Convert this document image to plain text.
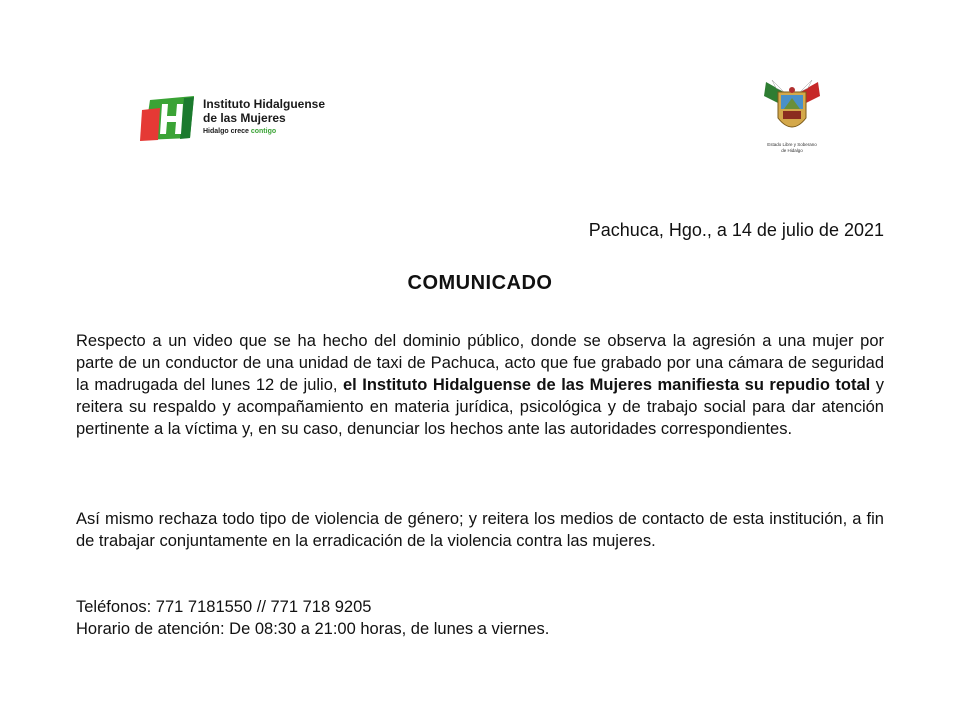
Instituto Hidalguense
de las Mujeres
Hidalgo crece contigo
Estado Libre y Soberano
de Hidalgo
Pachuca, Hgo., a 14 de julio de 2021
COMUNICADO
Respecto a un video que se ha hecho del dominio público, donde se observa la agresión a una mujer por parte de un conductor de una unidad de taxi de Pachuca, acto que fue grabado por una cámara de seguridad la madrugada del lunes 12 de julio, el Instituto Hidalguense de las Mujeres manifiesta su repudio total y reitera su respaldo y acompañamiento en materia jurídica, psicológica y de trabajo social para dar atención pertinente a la víctima y, en su caso, denunciar los hechos ante las autoridades correspondientes.
Así mismo rechaza todo tipo de violencia de género; y reitera los medios de contacto de esta institución, a fin de trabajar conjuntamente en la erradicación de la violencia contra las mujeres.
Teléfonos: 771 7181550 // 771 718 9205
Horario de atención: De 08:30 a 21:00 horas, de lunes a viernes.
